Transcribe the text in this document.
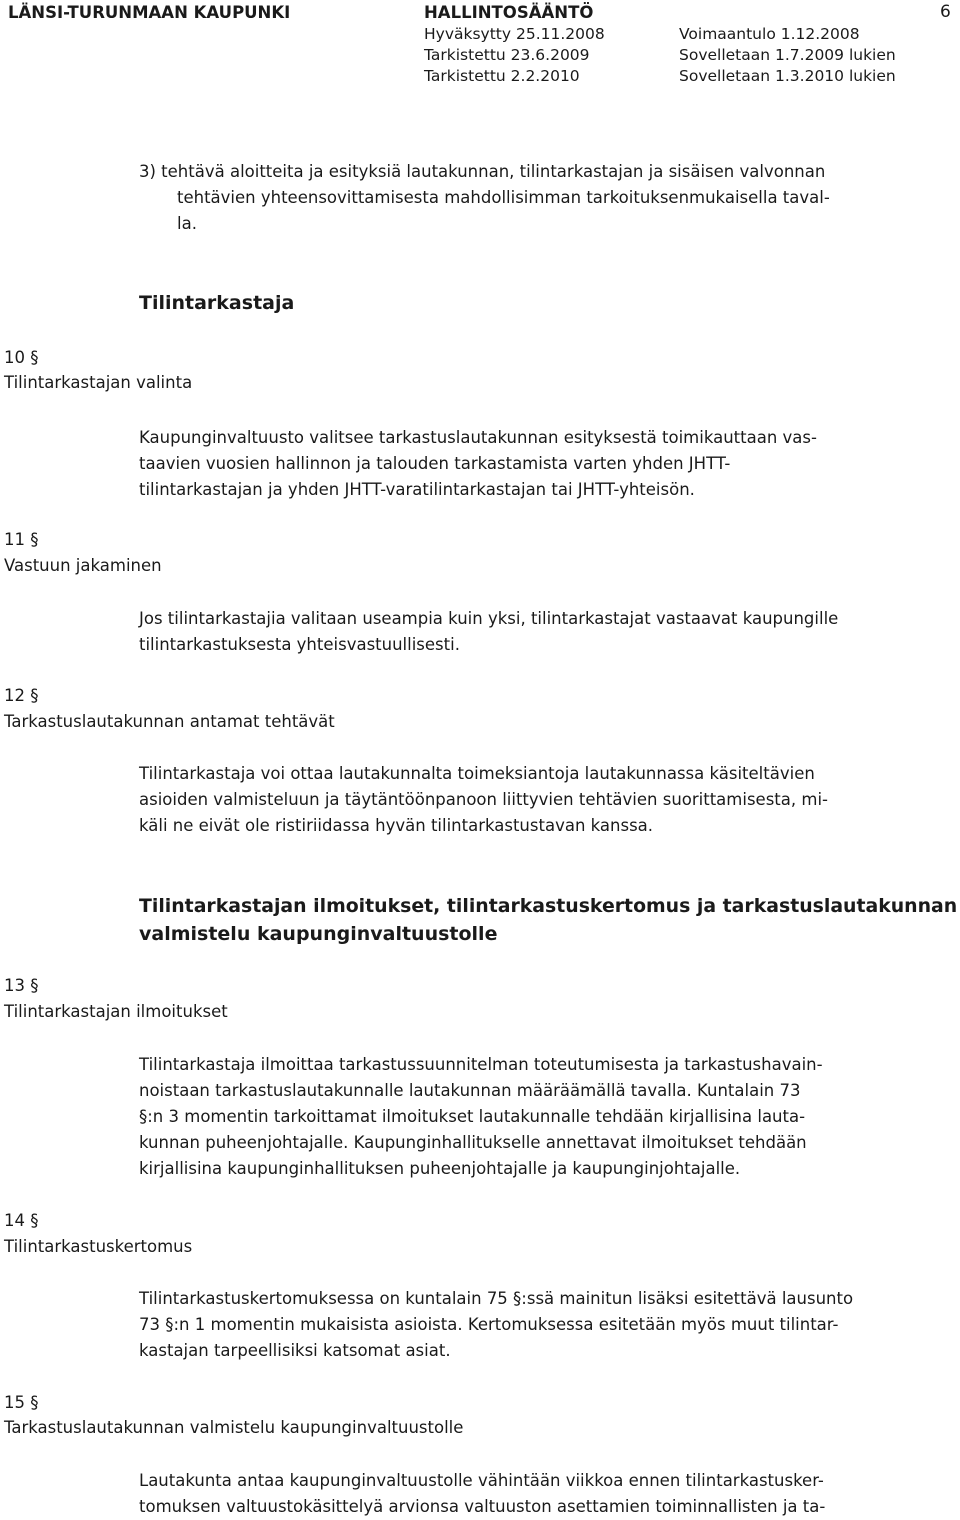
LÄNSI-TURUNMAAN KAUPUNKI	HALLINTOSÄÄNTÖ	6
Hyväksytty 25.11.2008
Tarkistettu 23.6.2009
Tarkistettu 2.2.2010
Voimaantulo 1.12.2008
Sovelletaan 1.7.2009 lukien
Sovelletaan 1.3.2010 lukien
3) tehtävä aloitteita ja esityksiä lautakunnan, tilintarkastajan ja sisäisen valvonnan
tehtävien yhteensovittamisesta mahdollisimman tarkoituksenmukaisella taval-
la.
Tilintarkastaja
10 §
Tilintarkastajan valinta
Kaupunginvaltuusto valitsee tarkastuslautakunnan esityksestä toimikauttaan vas-
taavien vuosien hallinnon ja talouden tarkastamista varten yhden JHTT-
tilintarkastajan ja yhden JHTT-varatilintarkastajan tai JHTT-yhteisön.
11 §
Vastuun jakaminen
Jos tilintarkastajia valitaan useampia kuin yksi, tilintarkastajat vastaavat kaupungille
tilintarkastuksesta yhteisvastuullisesti.
12 §
Tarkastuslautakunnan antamat tehtävät
Tilintarkastaja voi ottaa lautakunnalta toimeksiantoja lautakunnassa käsiteltävien
asioiden valmisteluun ja täytäntöönpanoon liittyvien tehtävien suorittamisesta, mi-
käli ne eivät ole ristiriidassa hyvän tilintarkastustavan kanssa.
Tilintarkastajan ilmoitukset, tilintarkastuskertomus ja tarkastuslautakunnan
valmistelu kaupunginvaltuustolle
13 §
Tilintarkastajan ilmoitukset
Tilintarkastaja ilmoittaa tarkastussuunnitelman toteutumisesta ja tarkastushavain-
noistaan tarkastuslautakunnalle lautakunnan määräämällä tavalla. Kuntalain 73
§:n 3 momentin tarkoittamat ilmoitukset lautakunnalle tehdään kirjallisina lauta-
kunnan puheenjohtajalle. Kaupunginhallitukselle annettavat ilmoitukset tehdään
kirjallisina kaupunginhallituksen puheenjohtajalle ja kaupunginjohtajalle.
14 §
Tilintarkastuskertomus
Tilintarkastuskertomuksessa on kuntalain 75 §:ssä mainitun lisäksi esitettävä lausunto
73 §:n 1 momentin mukaisista asioista. Kertomuksessa esitetään myös muut tilintar-
kastajan tarpeellisiksi katsomat asiat.
15 §
Tarkastuslautakunnan valmistelu kaupunginvaltuustolle
Lautakunta antaa kaupunginvaltuustolle vähintään viikkoa ennen tilintarkastusker-
tomuksen valtuustokäsittelyä arvionsa valtuuston asettamien toiminnallisten ja ta-
